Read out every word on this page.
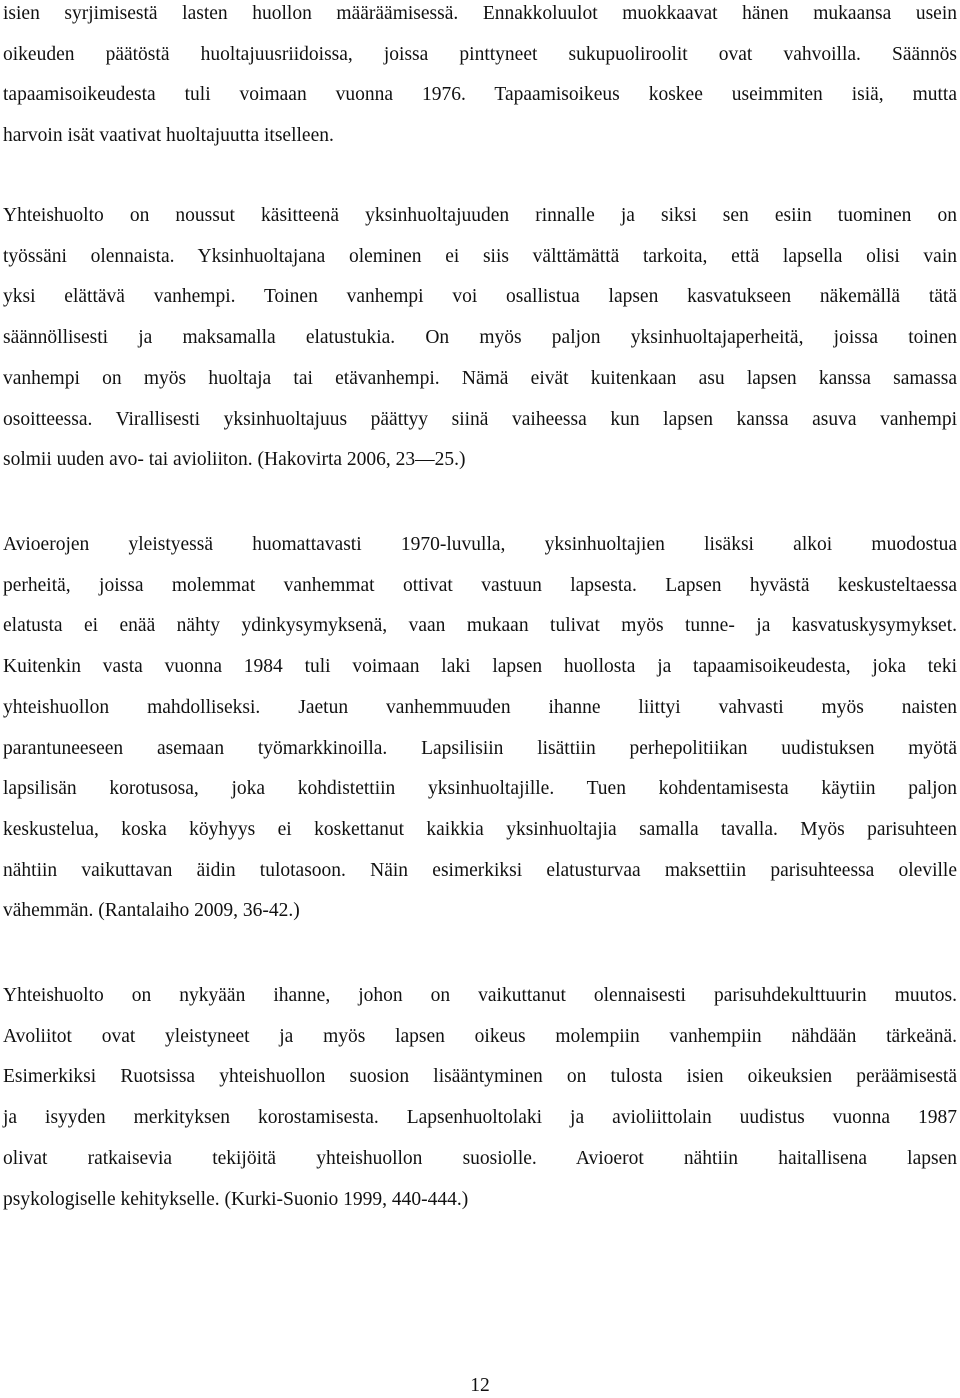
isien syrjimisestä lasten huollon määräämisessä. Ennakkoluulot muokkaavat hänen mukaansa usein
oikeuden päätöstä huoltajuusriidoissa, joissa pinttyneet sukupuoliroolit ovat vahvoilla. Säännös
tapaamisoikeudesta tuli voimaan vuonna 1976. Tapaamisoikeus koskee useimmiten isiä, mutta
harvoin isät vaativat huoltajuutta itselleen.
Yhteishuolto on noussut käsitteenä yksinhuoltajuuden rinnalle ja siksi sen esiin tuominen on
työssäni olennaista. Yksinhuoltajana oleminen ei siis välttämättä tarkoita, että lapsella olisi vain
yksi elättävä vanhempi. Toinen vanhempi voi osallistua lapsen kasvatukseen näkemällä tätä
säännöllisesti ja maksamalla elatustukia. On myös paljon yksinhuoltajaperheitä, joissa toinen
vanhempi on myös huoltaja tai etävanhempi. Nämä eivät kuitenkaan asu lapsen kanssa samassa
osoitteessa. Virallisesti yksinhuoltajuus päättyy siinä vaiheessa kun lapsen kanssa asuva vanhempi
solmii uuden avo- tai avioliiton. (Hakovirta 2006, 23—25.)
Avioerojen yleistyessä huomattavasti 1970-luvulla, yksinhuoltajien lisäksi alkoi muodostua
perheitä, joissa molemmat vanhemmat ottivat vastuun lapsesta. Lapsen hyvästä keskusteltaessa
elatusta ei enää nähty ydinkysymyksenä, vaan mukaan tulivat myös tunne- ja kasvatuskysymykset.
Kuitenkin vasta vuonna 1984 tuli voimaan laki lapsen huollosta ja tapaamisoikeudesta, joka teki
yhteishuollon mahdolliseksi. Jaetun vanhemmuuden ihanne liittyi vahvasti myös naisten
parantuneeseen asemaan työmarkkinoilla. Lapsilisiin lisättiin perhepolitiikan uudistuksen myötä
lapsilisän korotusosa, joka kohdistettiin yksinhuoltajille. Tuen kohdentamisesta käytiin paljon
keskustelua, koska köyhyys ei koskettanut kaikkia yksinhuoltajia samalla tavalla. Myös parisuhteen
nähtiin vaikuttavan äidin tulotasoon. Näin esimerkiksi elatusturvaa maksettiin parisuhteessa oleville
vähemmän. (Rantalaiho 2009, 36-42.)
Yhteishuolto on nykyään ihanne, johon on vaikuttanut olennaisesti parisuhdekulttuurin muutos.
Avoliitot ovat yleistyneet ja myös lapsen oikeus molempiin vanhempiin nähdään tärkeänä.
Esimerkiksi Ruotsissa yhteishuollon suosion lisääntyminen on tulosta isien oikeuksien peräämisestä
ja isyyden merkityksen korostamisesta. Lapsenhuoltolaki ja avioliittolain uudistus vuonna 1987
olivat ratkaisevia tekijöitä yhteishuollon suosiolle. Avioerot nähtiin haitallisena lapsen
psykologiselle kehitykselle. (Kurki-Suonio 1999, 440-444.)
12
